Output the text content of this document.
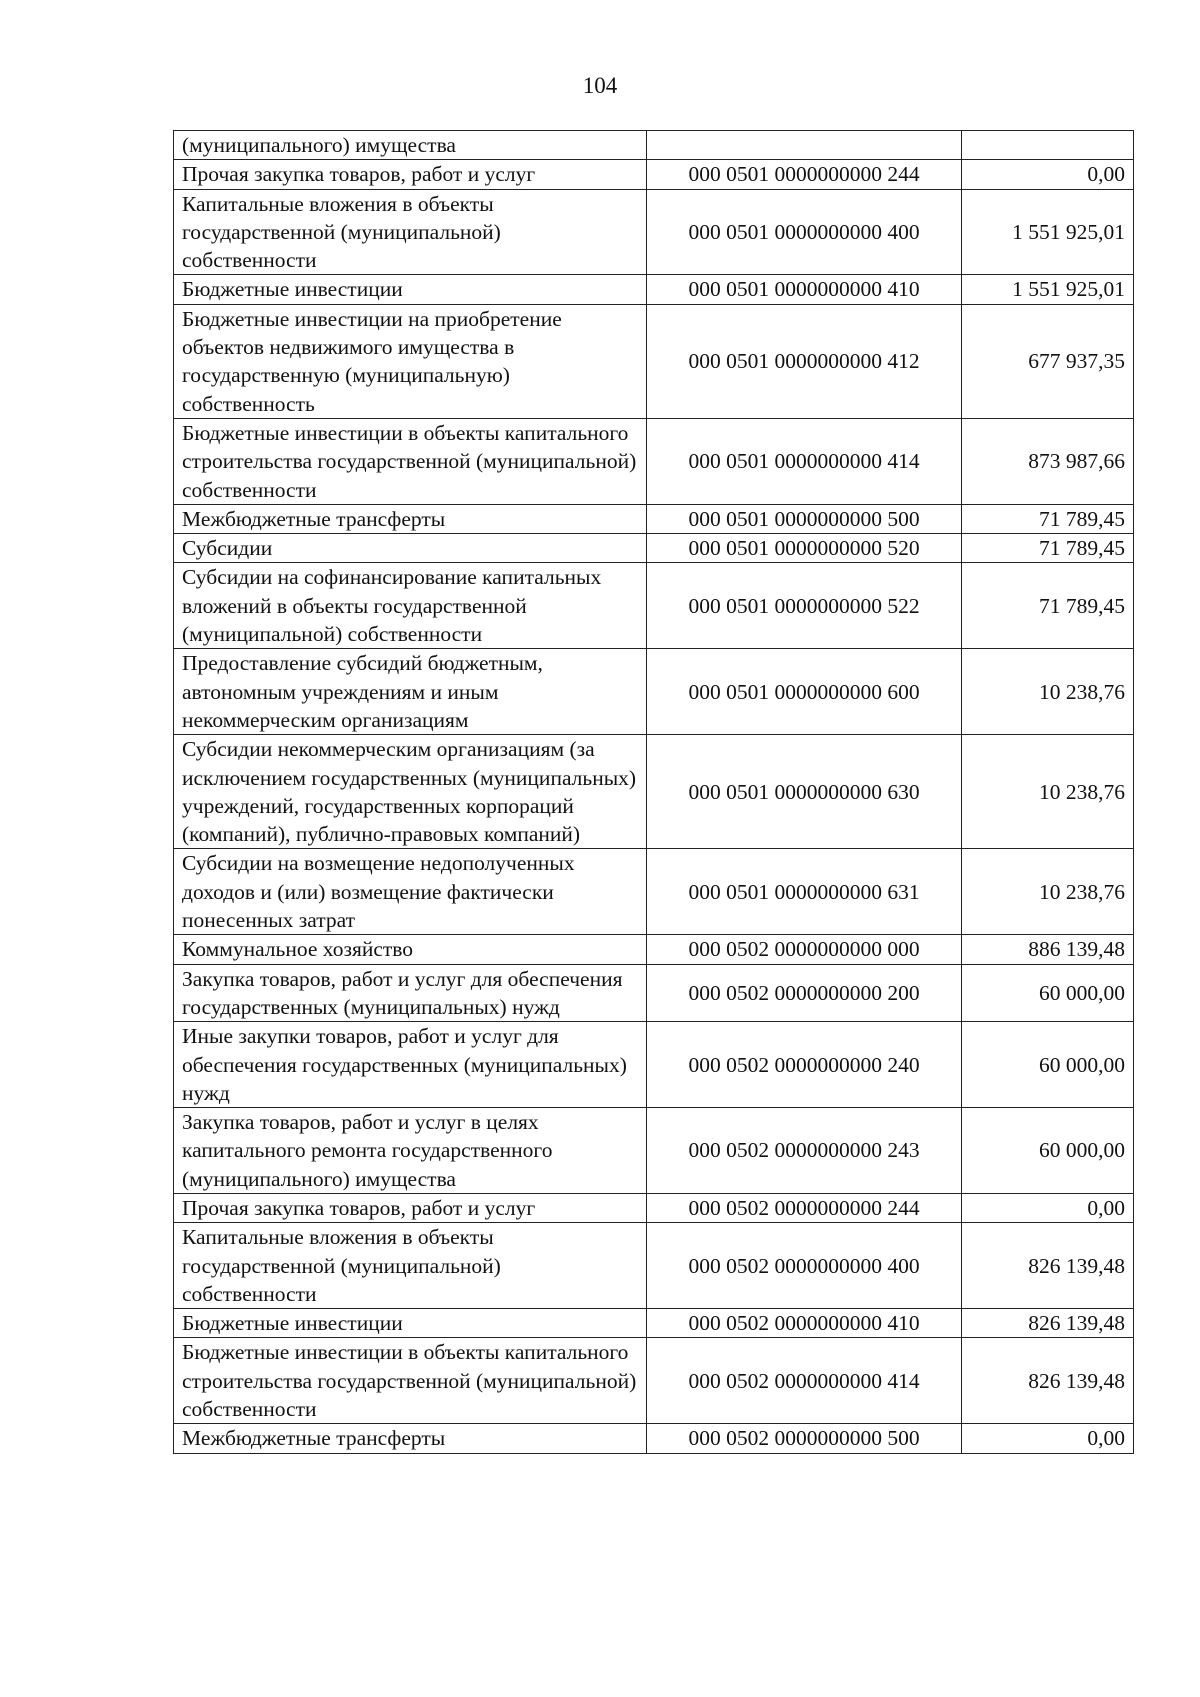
104
(муниципального) имущества		
Прочая закупка товаров, работ и услуг	000 0501 0000000000 244	0,00
Капитальные вложения в объекты государственной (муниципальной) собственности	000 0501 0000000000 400	1 551 925,01
Бюджетные инвестиции	000 0501 0000000000 410	1 551 925,01
Бюджетные инвестиции на приобретение объектов недвижимого имущества в государственную (муниципальную) собственность	000 0501 0000000000 412	677 937,35
Бюджетные инвестиции в объекты капитального строительства государственной (муниципальной) собственности	000 0501 0000000000 414	873 987,66
Межбюджетные трансферты	000 0501 0000000000 500	71 789,45
Субсидии	000 0501 0000000000 520	71 789,45
Субсидии на софинансирование капитальных вложений в объекты государственной (муниципальной) собственности	000 0501 0000000000 522	71 789,45
Предоставление субсидий бюджетным, автономным учреждениям и иным некоммерческим организациям	000 0501 0000000000 600	10 238,76
Субсидии некоммерческим организациям (за исключением государственных (муниципальных) учреждений, государственных корпораций (компаний), публично-правовых компаний)	000 0501 0000000000 630	10 238,76
Субсидии на возмещение недополученных доходов и (или) возмещение фактически понесенных затрат	000 0501 0000000000 631	10 238,76
Коммунальное хозяйство	000 0502 0000000000 000	886 139,48
Закупка товаров, работ и услуг для обеспечения государственных (муниципальных) нужд	000 0502 0000000000 200	60 000,00
Иные закупки товаров, работ и услуг для обеспечения государственных (муниципальных) нужд	000 0502 0000000000 240	60 000,00
Закупка товаров, работ и услуг в целях капитального ремонта государственного (муниципального) имущества	000 0502 0000000000 243	60 000,00
Прочая закупка товаров, работ и услуг	000 0502 0000000000 244	0,00
Капитальные вложения в объекты государственной (муниципальной) собственности	000 0502 0000000000 400	826 139,48
Бюджетные инвестиции	000 0502 0000000000 410	826 139,48
Бюджетные инвестиции в объекты капитального строительства государственной (муниципальной) собственности	000 0502 0000000000 414	826 139,48
Межбюджетные трансферты	000 0502 0000000000 500	0,00
